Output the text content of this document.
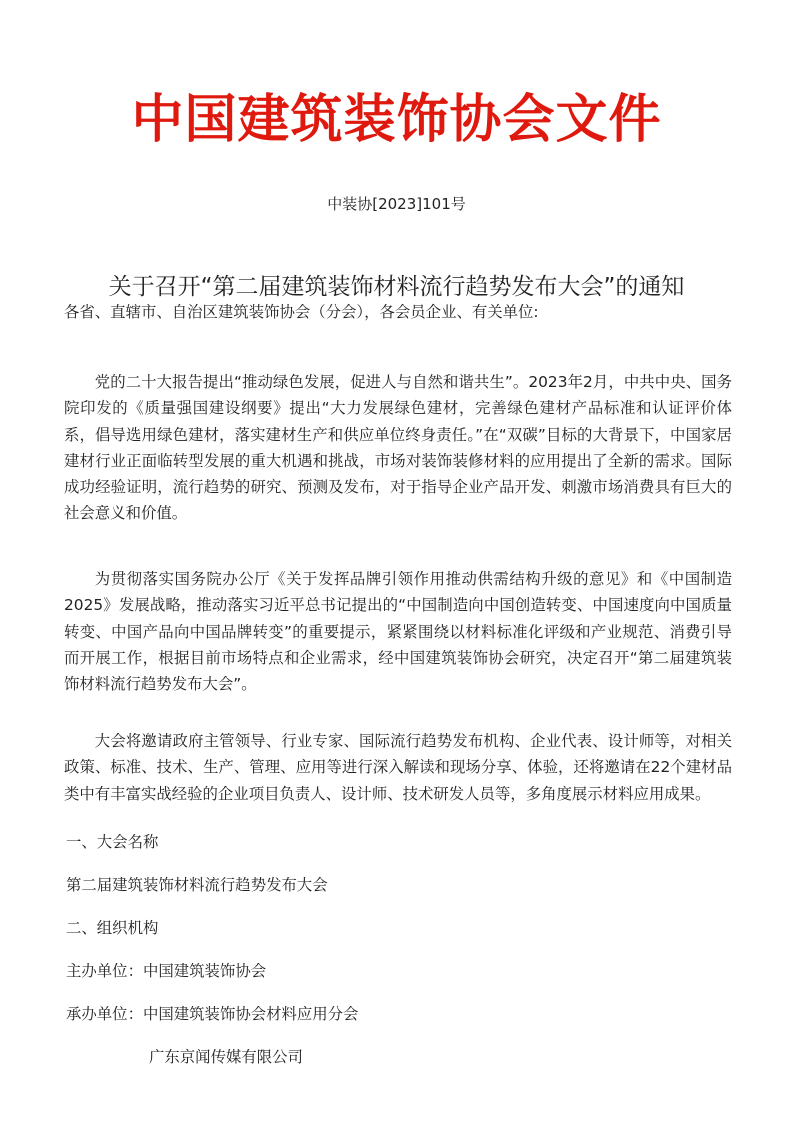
中国建筑装饰协会文件
中装协[2023]101号
关于召开“第二届建筑装饰材料流行趋势发布大会”的通知
各省、直辖市、自治区建筑装饰协会（分会），各会员企业、有关单位:
党的二十大报告提出“推动绿色发展，促进人与自然和谐共生”。2023年2月，中共中央、国务院印发的《质量强国建设纲要》提出“大力发展绿色建材，完善绿色建材产品标准和认证评价体系，倡导选用绿色建材，落实建材生产和供应单位终身责任。”在“双碳”目标的大背景下，中国家居建材行业正面临转型发展的重大机遇和挑战，市场对装饰装修材料的应用提出了全新的需求。国际成功经验证明，流行趋势的研究、预测及发布，对于指导企业产品开发、刺激市场消费具有巨大的社会意义和价值。
为贯彻落实国务院办公厅《关于发挥品牌引领作用推动供需结构升级的意见》和《中国制造2025》发展战略，推动落实习近平总书记提出的“中国制造向中国创造转变、中国速度向中国质量转变、中国产品向中国品牌转变”的重要提示，紧紧围绕以材料标准化评级和产业规范、消费引导而开展工作，根据目前市场特点和企业需求，经中国建筑装饰协会研究，决定召开“第二届建筑装饰材料流行趋势发布大会”。
大会将邀请政府主管领导、行业专家、国际流行趋势发布机构、企业代表、设计师等，对相关政策、标准、技术、生产、管理、应用等进行深入解读和现场分享、体验，还将邀请在22个建材品类中有丰富实战经验的企业项目负责人、设计师、技术研发人员等，多角度展示材料应用成果。
一、大会名称
第二届建筑装饰材料流行趋势发布大会
二、组织机构
主办单位：中国建筑装饰协会
承办单位：中国建筑装饰协会材料应用分会
广东京闻传媒有限公司
